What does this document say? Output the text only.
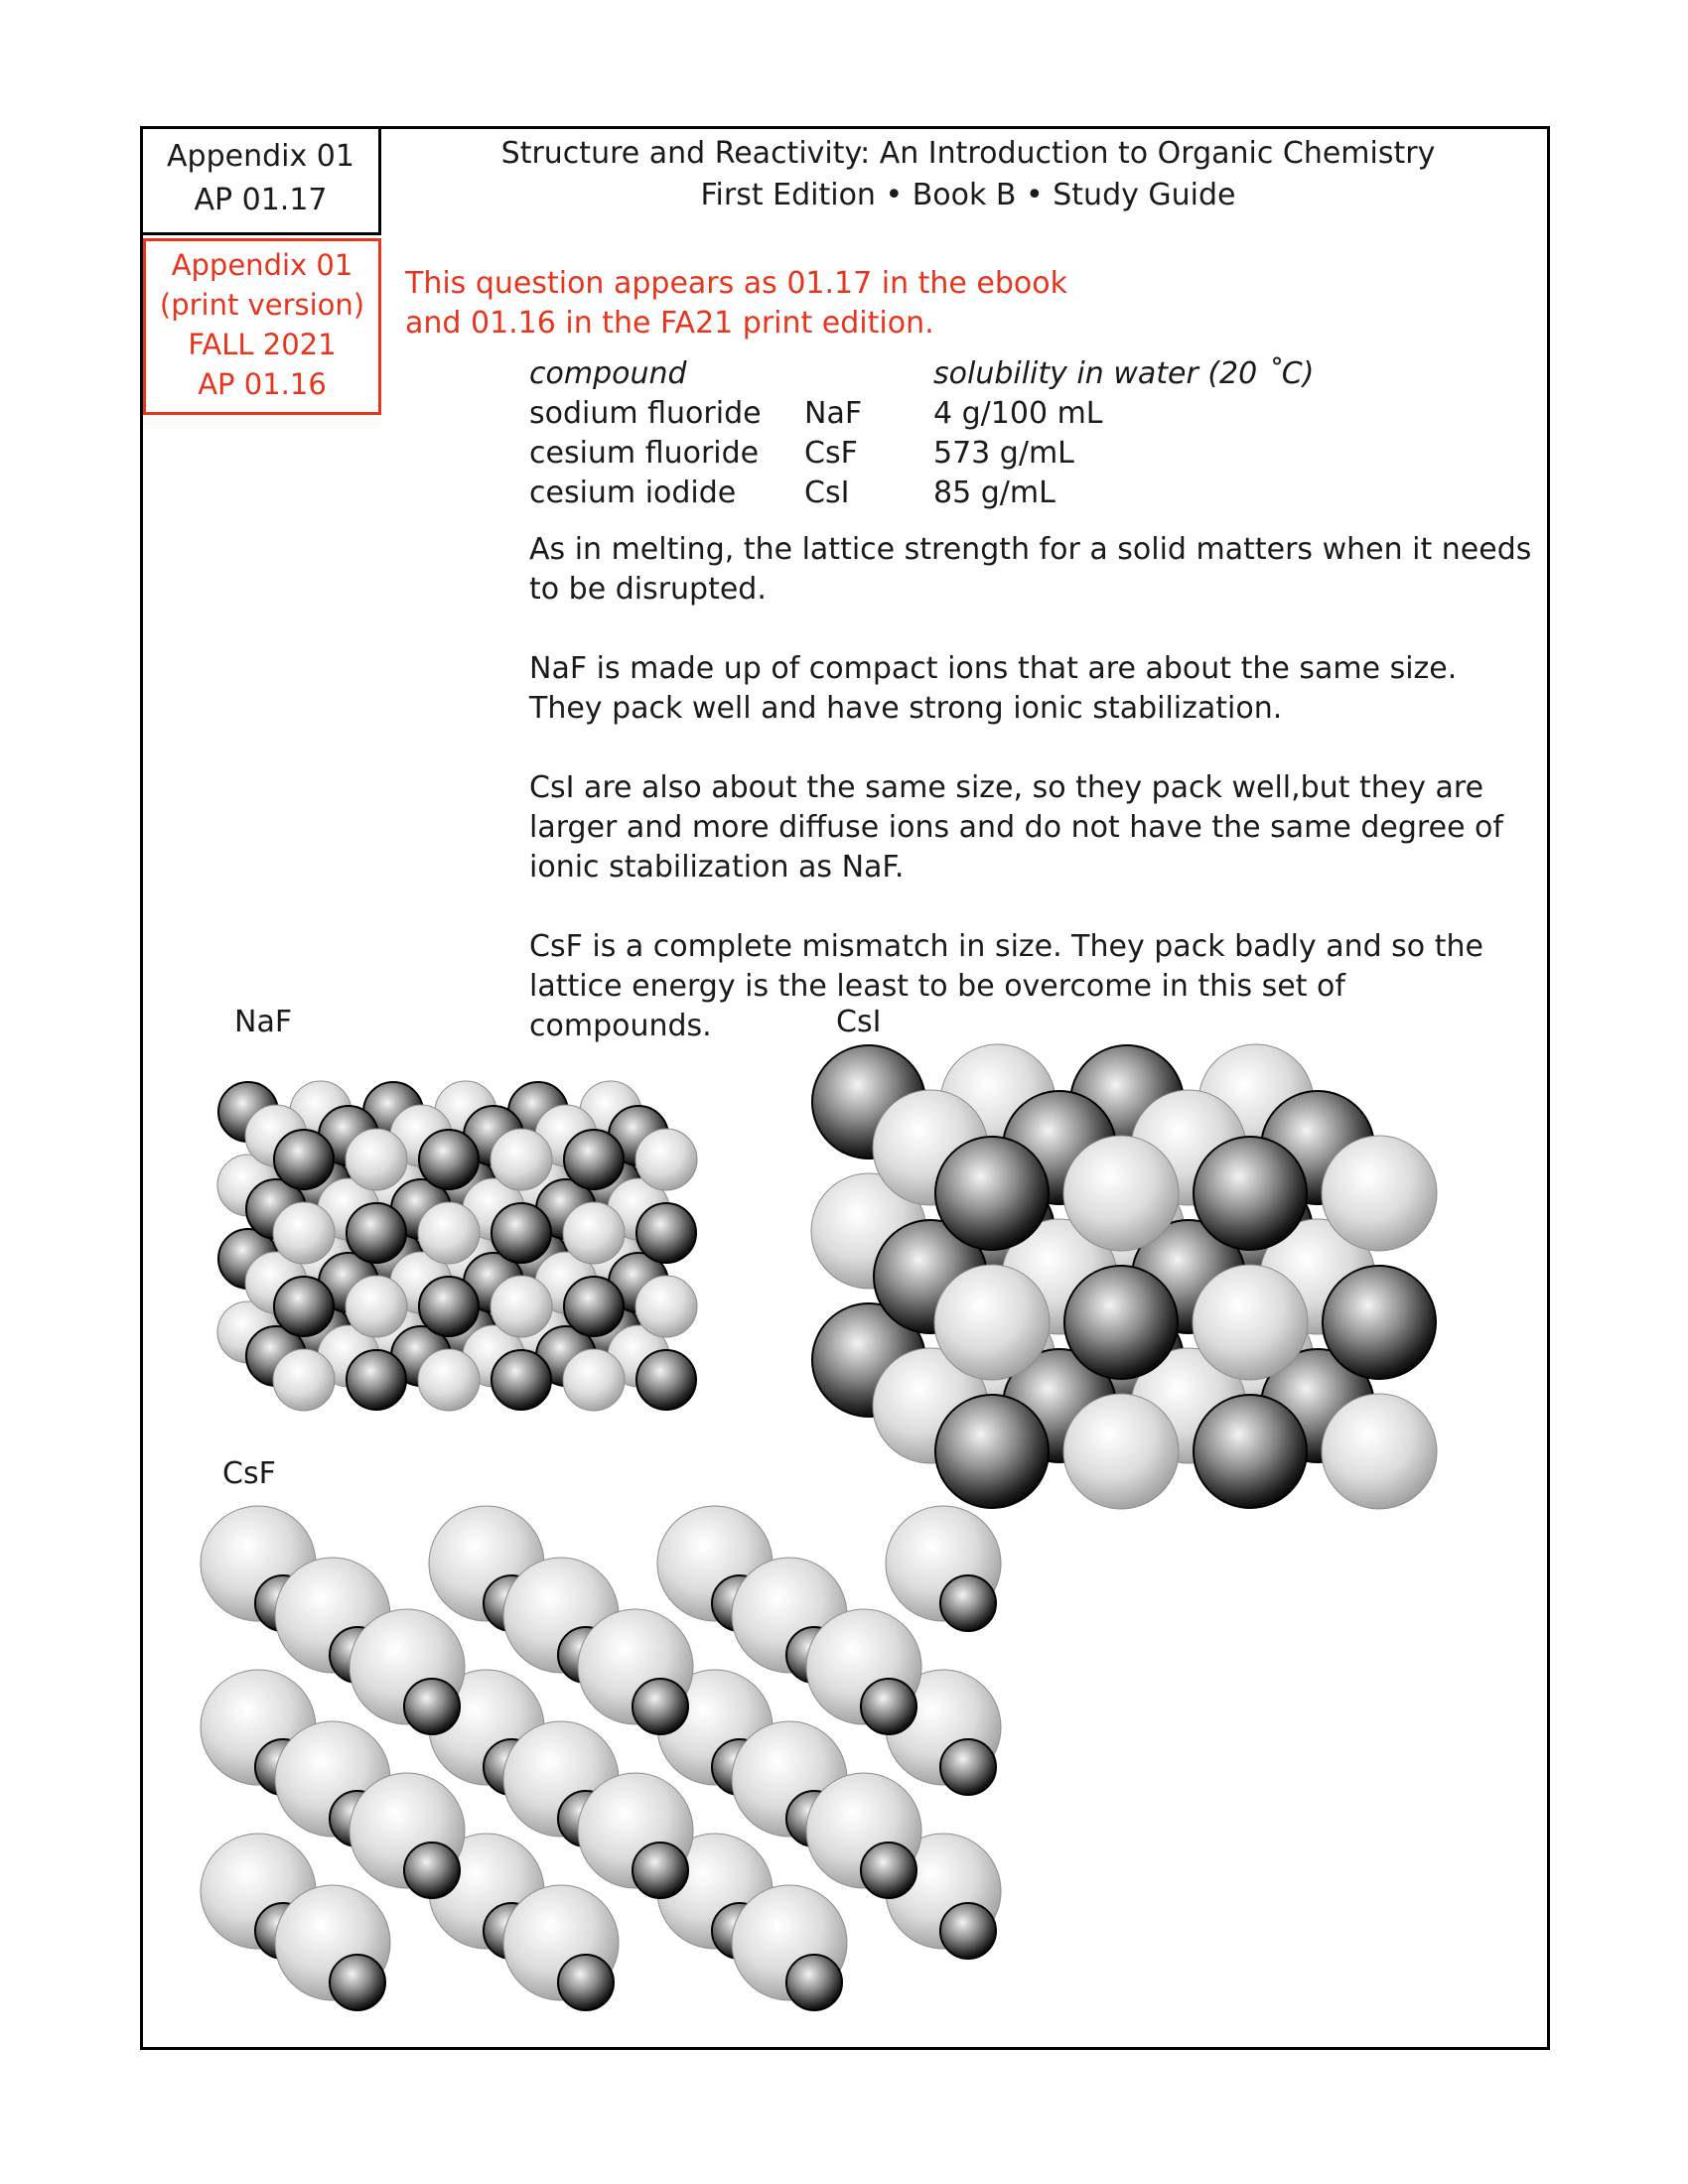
Appendix 01
AP 01.17
Appendix 01
(print version)
FALL 2021
AP 01.16
Structure and Reactivity: An Introduction to Organic Chemistry
First Edition • Book B • Study Guide
This question appears as 01.17 in the ebook
and 01.16 in the FA21 print edition.
compound		solubility in water (20 ˚C)
sodium fluoride	NaF	4 g/100 mL
cesium fluoride	CsF	573 g/mL
cesium iodide	CsI	85 g/mL

As in melting, the lattice strength for a solid matters when it needs to be disrupted.

NaF is made up of compact ions that are about the same size. They pack well and have strong ionic stabilization.

CsI are also about the same size, so they pack well,but they are larger and more diffuse ions and do not have the same degree of ionic stabilization as NaF.

CsF is a complete mismatch in size. They pack badly and so the lattice energy is the least to be overcome in this set of compounds.

NaF	CsI
CsF
